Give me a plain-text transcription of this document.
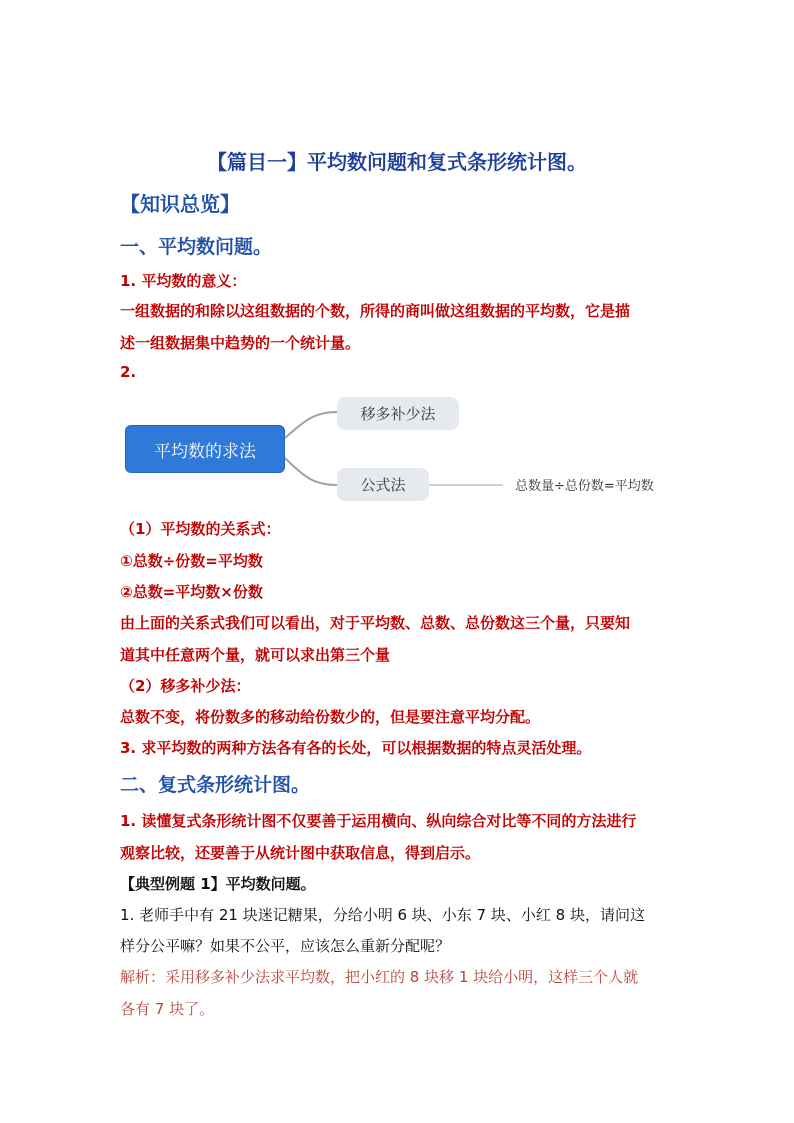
【篇目一】平均数问题和复式条形统计图。
【知识总览】
一、平均数问题。
1. 平均数的意义：
一组数据的和除以这组数据的个数，所得的商叫做这组数据的平均数，它是描
述一组数据集中趋势的一个统计量。
2.
平均数的求法
移多补少法
公式法	总数量÷总份数=平均数
（1）平均数的关系式：
①总数÷份数=平均数
②总数=平均数×份数
由上面的关系式我们可以看出，对于平均数、总数、总份数这三个量，只要知
道其中任意两个量，就可以求出第三个量
（2）移多补少法：
总数不变，将份数多的移动给份数少的，但是要注意平均分配。
3. 求平均数的两种方法各有各的长处，可以根据数据的特点灵活处理。
二、复式条形统计图。
1. 读懂复式条形统计图不仅要善于运用横向、纵向综合对比等不同的方法进行
观察比较，还要善于从统计图中获取信息，得到启示。
【典型例题 1】平均数问题。
1. 老师手中有 21 块迷记糖果，分给小明 6 块、小东 7 块、小红 8 块，请问这
样分公平嘛？如果不公平，应该怎么重新分配呢？
解析：采用移多补少法求平均数，把小红的 8 块移 1 块给小明，这样三个人就
各有 7 块了。
